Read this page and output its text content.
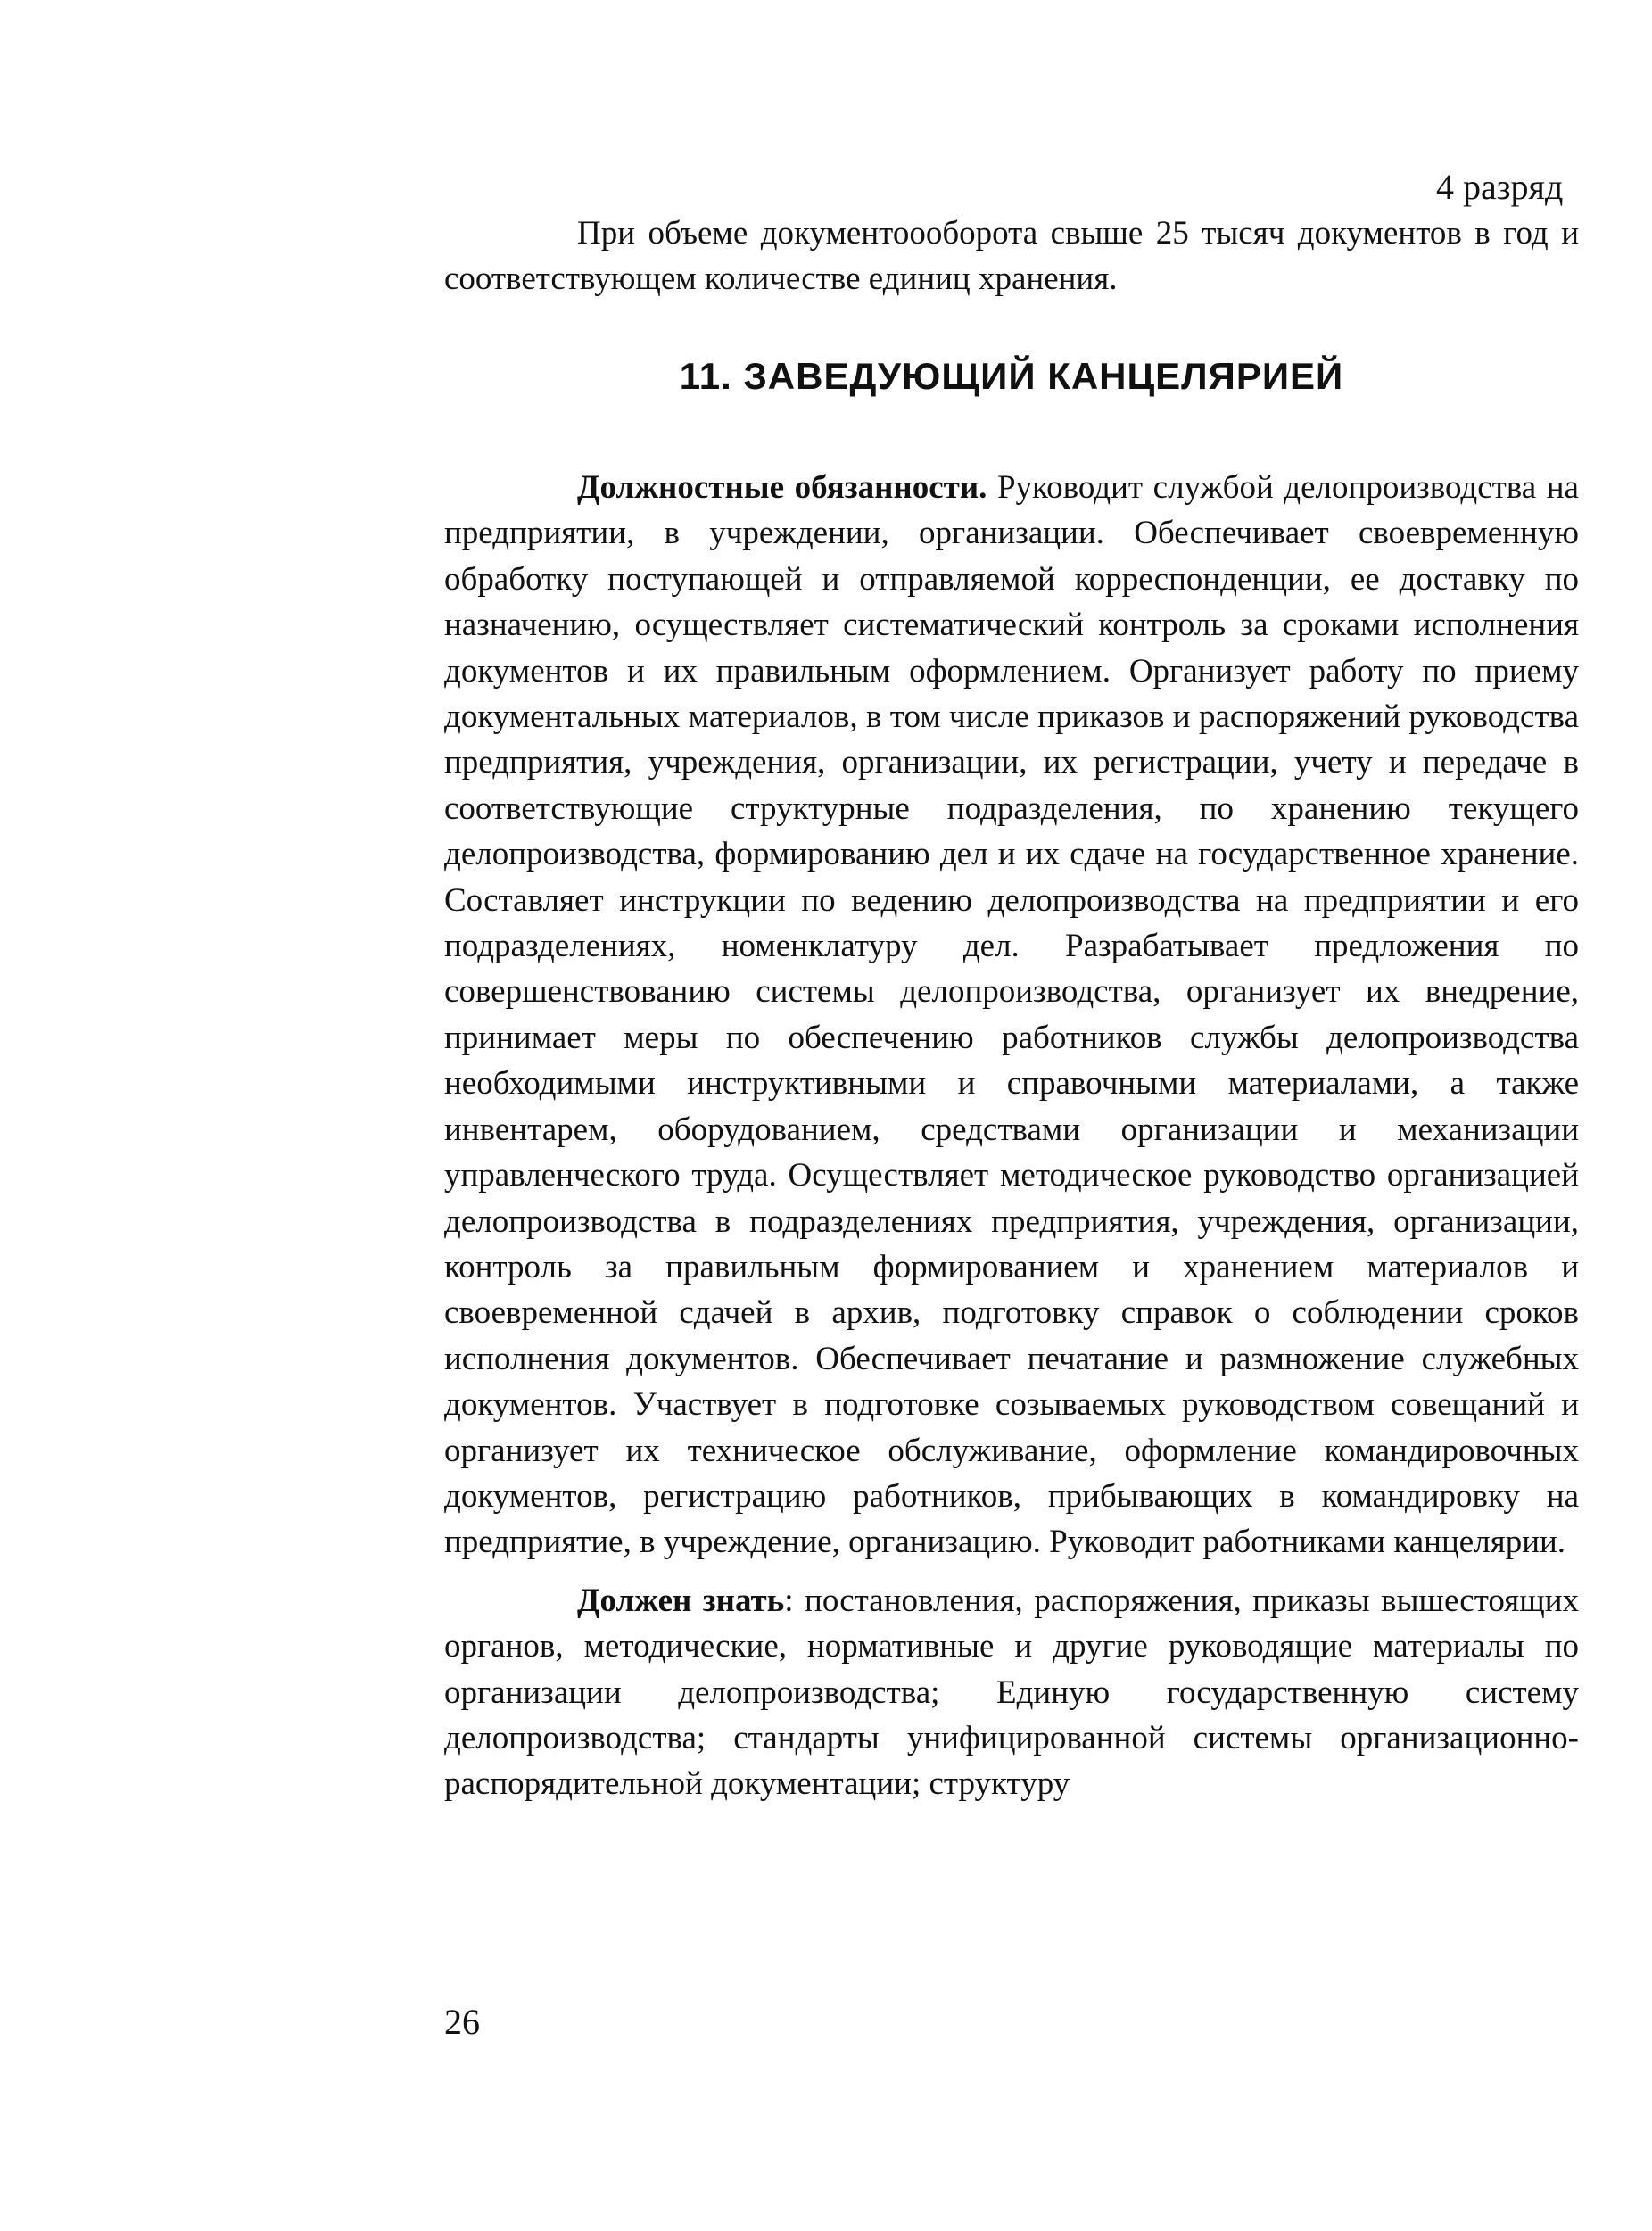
4 разряд

При объеме документоооборота свыше 25 тысяч документов в год и соответствующем количестве единиц хранения.

11. ЗАВЕДУЮЩИЙ КАНЦЕЛЯРИЕЙ

Должностные обязанности. Руководит службой делопроизводства на предприятии, в учреждении, организации. Обеспечивает своевременную обработку поступающей и отправляемой корреспонденции, ее доставку по назначению, осуществляет систематический контроль за сроками исполнения документов и их правильным оформлением. Организует работу по приему документальных материалов, в том числе приказов и распоряжений руководства предприятия, учреждения, организации, их регистрации, учету и передаче в соответствующие структурные подразделения, по хранению текущего делопроизводства, формированию дел и их сдаче на государственное хранение. Составляет инструкции по ведению делопроизводства на предприятии и его подразделениях, номенклатуру дел. Разрабатывает предложения по совершенствованию системы делопроизводства, организует их внедрение, принимает меры по обеспечению работников службы делопроизводства необходимыми инструктивными и справочными материалами, а также инвентарем, оборудованием, средствами организации и механизации управленческого труда. Осуществляет методическое руководство организацией делопроизводства в подразделениях предприятия, учреждения, организации, контроль за правильным формированием и хранением материалов и своевременной сдачей в архив, подготовку справок о соблюдении сроков исполнения документов. Обеспечивает печатание и размножение служебных документов. Участвует в подготовке созываемых руководством совещаний и организует их техническое обслуживание, оформление командировочных документов, регистрацию работников, прибывающих в командировку на предприятие, в учреждение, организацию. Руководит работниками канцелярии.

Должен знать: постановления, распоряжения, приказы вышестоящих органов, методические, нормативные и другие руководящие материалы по организации делопроизводства; Единую государственную систему делопроизводства; стандарты унифицированной системы организационно-распорядительной документации; структуру

26
